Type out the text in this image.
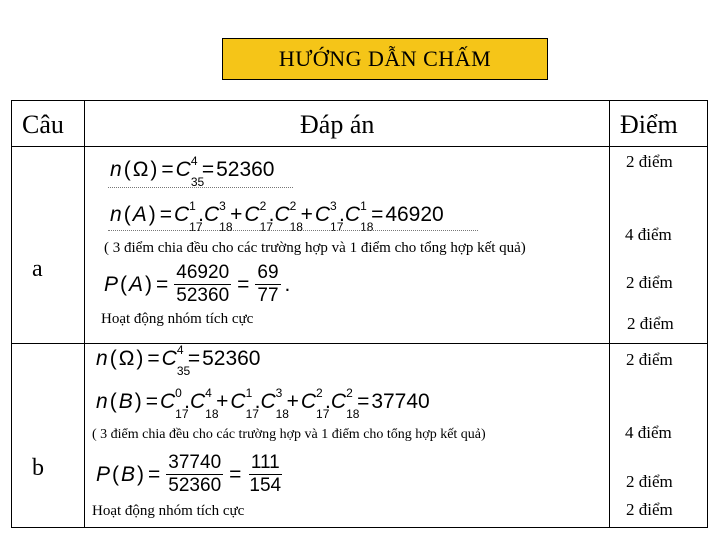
HƯỚNG DẪN CHẤM
Câu	Đáp án	Điểm
a
n ( Ω ) = C 4
35
= 52360
n ( A ) = C 1
17
. C 3
18
+ C 2
17
. C 2
18
+ C 3
17
. C 1
18
= 46920
( 3 điểm chia đều cho các trường hợp và 1 điểm cho tổng hợp kết quả)
P ( A ) = $\frac{46920}{52360} = \frac{69}{77}$ .
Hoạt động nhóm tích cực
2 điểm
4 điểm
2 điểm
2 điểm
b
n ( Ω ) = C 4
35
= 52360
n ( B ) = C 0
17
. C 4
18
+ C 1
17
. C 3
18
+ C 2
17
. C 2
18
= 37740
( 3 điểm chia đều cho các trường hợp và 1 điểm cho tổng hợp kết quả)
P ( B ) = $\frac{37740}{52360} = \frac{111}{154}$
Hoạt động nhóm tích cực
2 điểm
4 điểm
2 điểm
2 điểm
